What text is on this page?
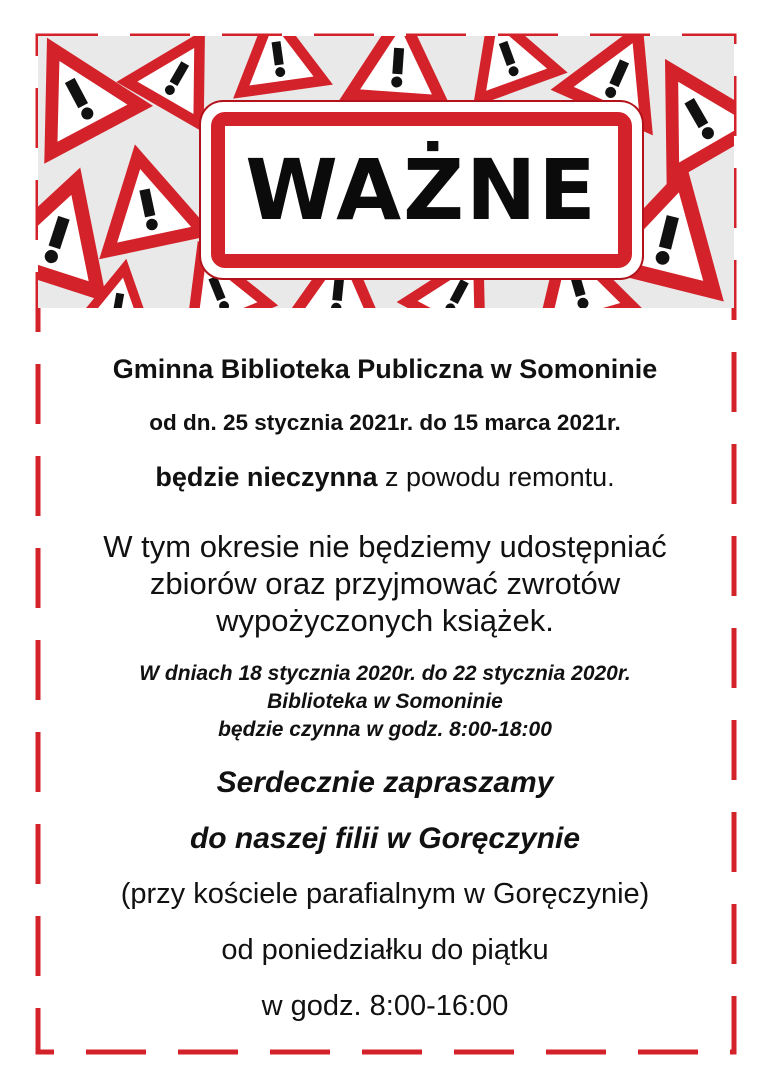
WAŻNE
Gminna Biblioteka Publiczna w Somoninie
od dn. 25 stycznia 2021r. do 15 marca 2021r.
będzie nieczynna z powodu remontu.
W tym okresie nie będziemy udostępniać
zbiorów oraz przyjmować zwrotów
wypożyczonych książek.
W dniach 18 stycznia 2020r. do 22 stycznia 2020r.
Biblioteka w Somoninie
będzie czynna w godz. 8:00-18:00
Serdecznie zapraszamy
do naszej filii w Goręczynie
(przy kościele parafialnym w Goręczynie)
od poniedziałku do piątku
w godz. 8:00-16:00
